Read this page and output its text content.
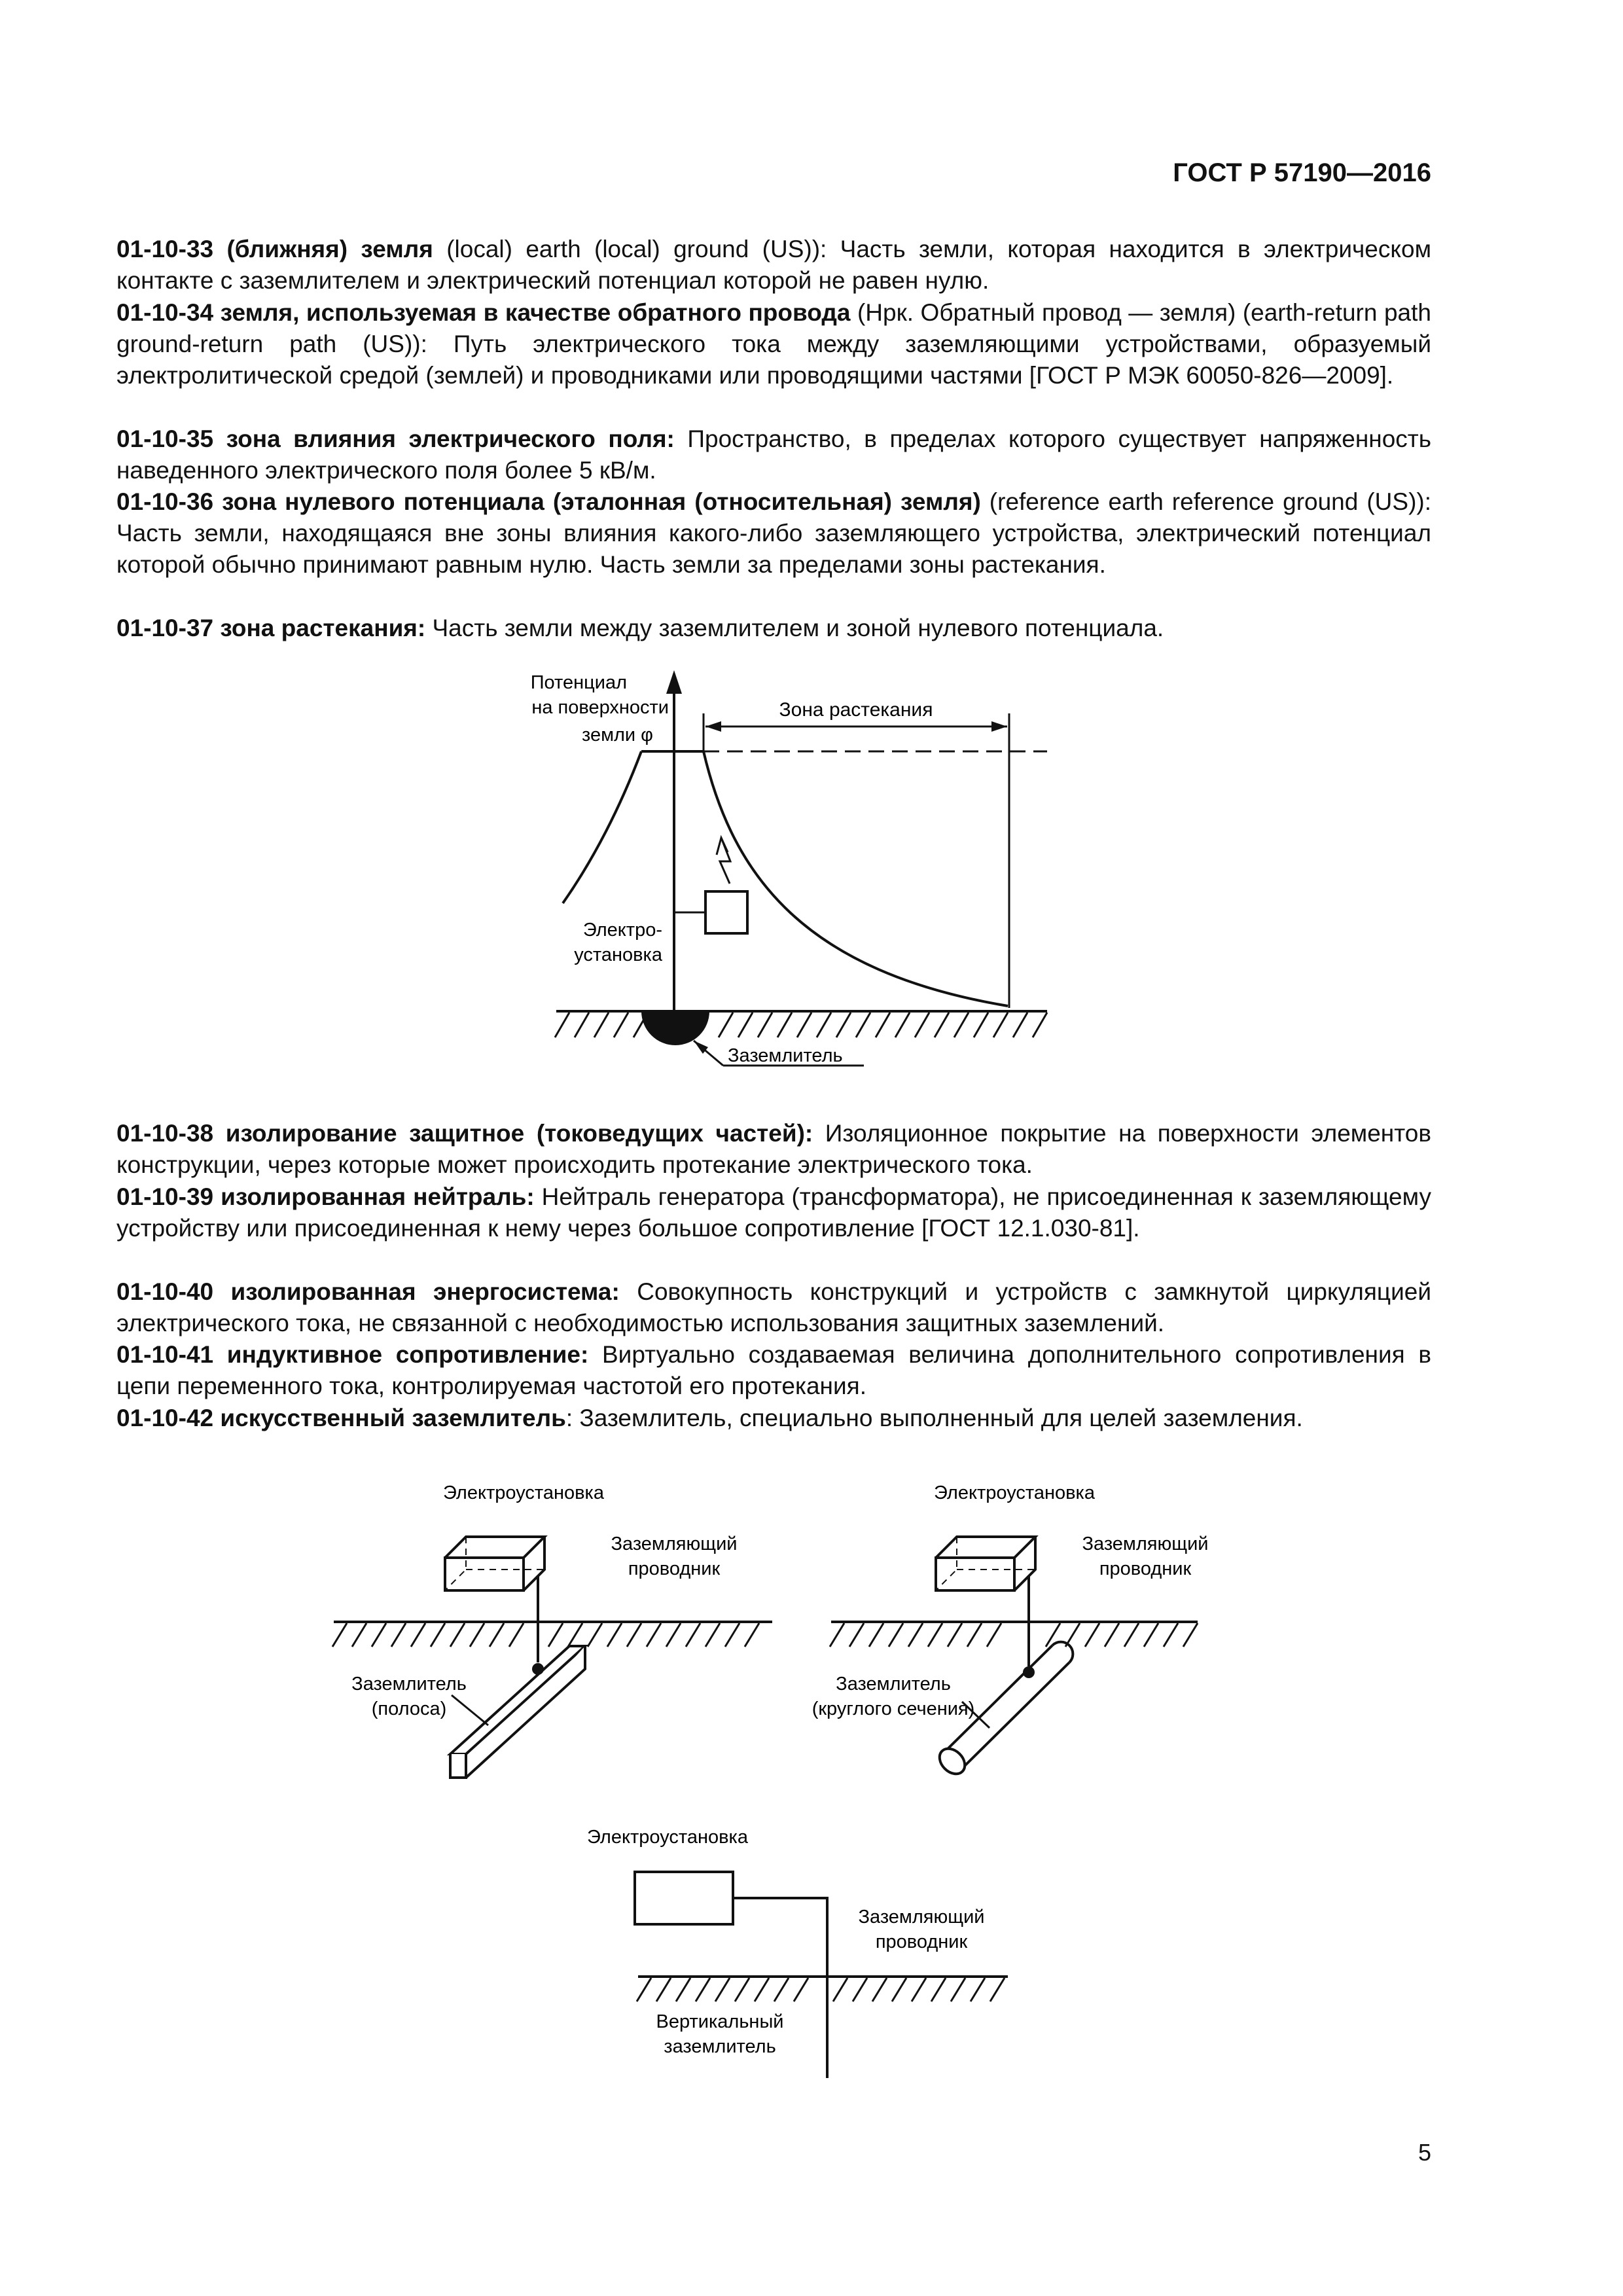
ГОСТ Р 57190—2016
01-10-33 (ближняя) земля (local) earth (local) ground (US)): Часть земли, которая находится в электрическом контакте с заземлителем и электрический потенциал которой не равен нулю.
01-10-34 земля, используемая в качестве обратного провода (Нрк. Обратный провод — земля) (earth-return path ground-return path (US)): Путь электрического тока между заземляющими устройствами, образуемый электролитической средой (землей) и проводниками или проводящими частями [ГОСТ Р МЭК 60050-826—2009].
01-10-35 зона влияния электрического поля: Пространство, в пределах которого существует напряженность наведенного электрического поля более 5 кВ/м.
01-10-36 зона нулевого потенциала (эталонная (относительная) земля) (reference earth reference ground (US)): Часть земли, находящаяся вне зоны влияния какого-либо заземляющего устройства, электрический потенциал которой обычно принимают равным нулю. Часть земли за пределами зоны растекания.
01-10-37 зона растекания: Часть земли между заземлителем и зоной нулевого потенциала.
Потенциал
на поверхности
земли φ
Зона растекания
Электро-
установка
Заземлитель
01-10-38 изолирование защитное (токоведущих частей): Изоляционное покрытие на поверхности элементов конструкции, через которые может происходить протекание электрического тока.
01-10-39 изолированная нейтраль: Нейтраль генератора (трансформатора), не присоединенная к заземляющему устройству или присоединенная к нему через большое сопротивление [ГОСТ 12.1.030-81].
01-10-40 изолированная энергосистема: Совокупность конструкций и устройств с замкнутой циркуляцией электрического тока, не связанной с необходимостью использования защитных заземлений.
01-10-41 индуктивное сопротивление: Виртуально создаваемая величина дополнительного сопротивления в цепи переменного тока, контролируемая частотой его протекания.
01-10-42 искусственный заземлитель: Заземлитель, специально выполненный для целей заземления.
Электроустановка
Заземлитель
(полоса)
Заземляющий
проводник
Электроустановка
Заземлитель
(круглого сечения)
Заземляющий
проводник
Электроустановка
Заземляющий
проводник
Вертикальный
заземлитель
5
